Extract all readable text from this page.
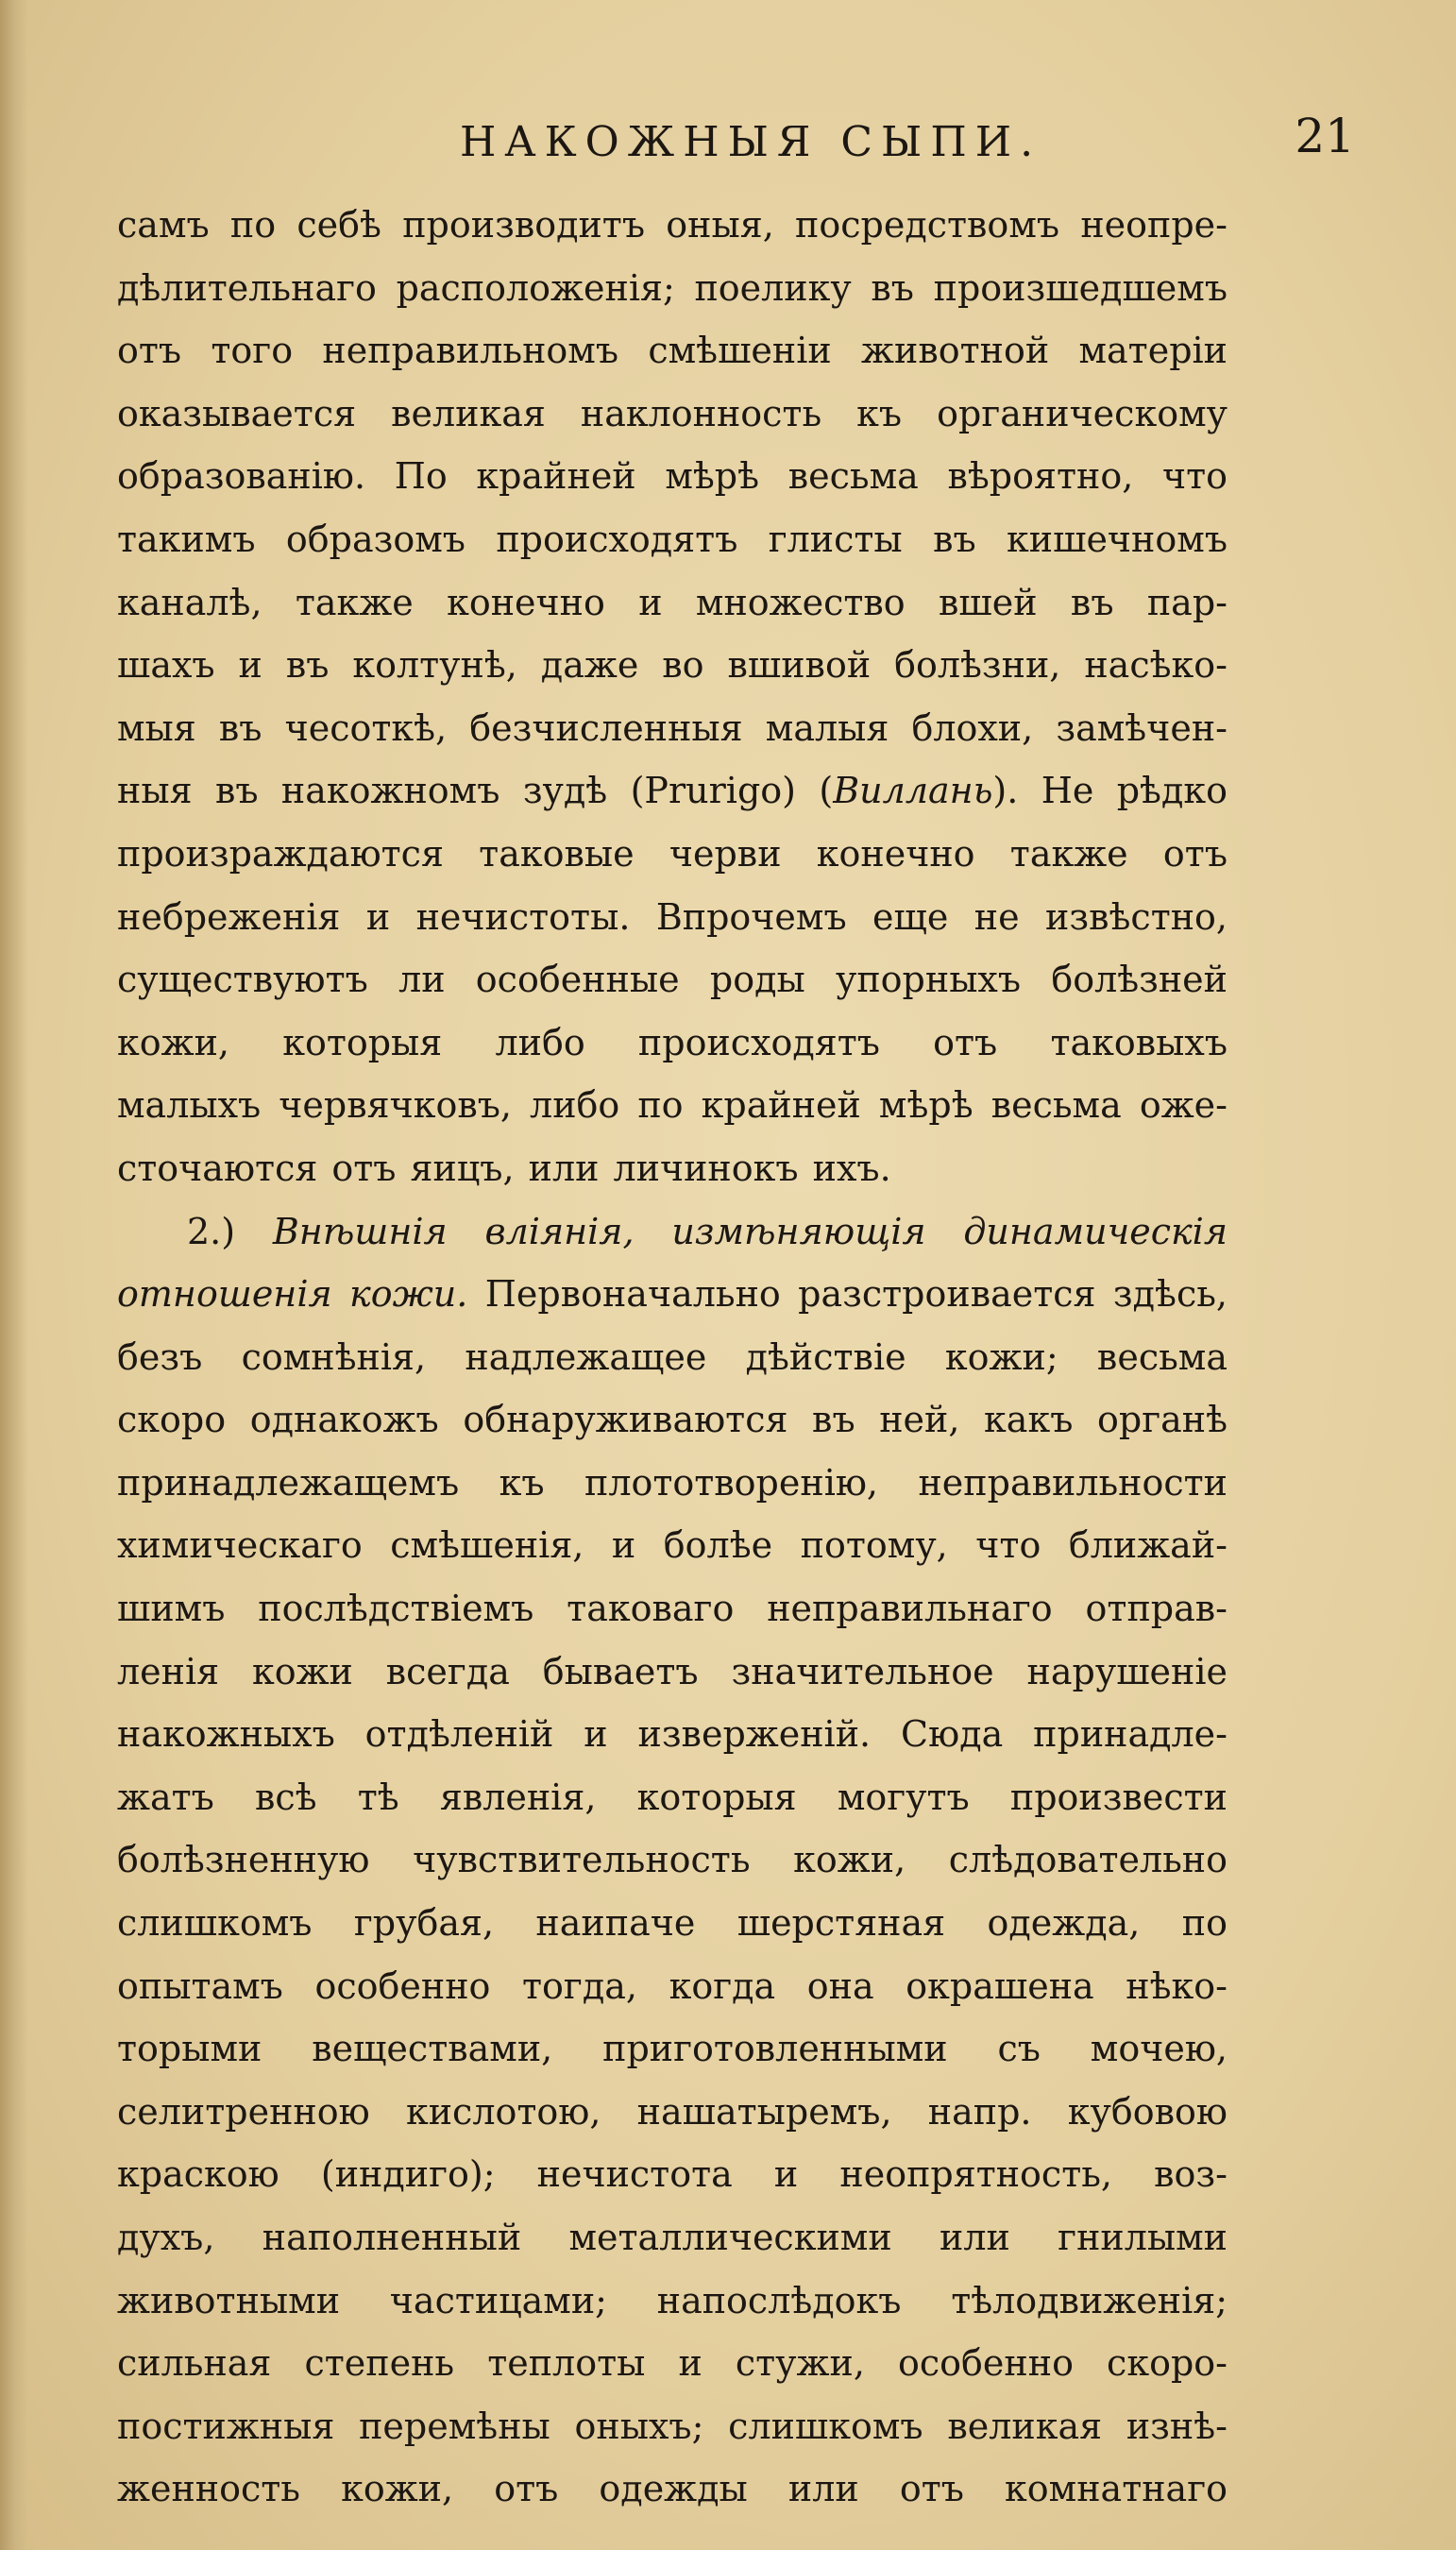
НАКОЖНЫЯ СЫПИ.	21
самъ по себѣ производитъ оныя, посредствомъ неопре-
дѣлительнаго расположенія; поелику въ произшедшемъ
отъ того неправильномъ смѣшеніи животной матеріи
оказывается великая наклонность къ органическому
образованію. По крайней мѣрѣ весьма вѣроятно, что
такимъ образомъ происходятъ глисты въ кишечномъ
каналѣ, также конечно и множество вшей въ пар-
шахъ и въ колтунѣ, даже во вшивой болѣзни, насѣко-
мыя въ чесоткѣ, безчисленныя малыя блохи, замѣчен-
ныя въ накожномъ зудѣ (Prurigo) (Виллань). Не рѣдко
произраждаются таковые черви конечно также отъ
небреженія и нечистоты. Впрочемъ еще не извѣстно,
существуютъ ли особенные роды упорныхъ болѣзней
кожи, которыя либо происходятъ отъ таковыхъ
малыхъ червячковъ, либо по крайней мѣрѣ весьма оже-
сточаются отъ яицъ, или личинокъ ихъ.
2.) Внѣшнія вліянія, измѣняющія динамическія
отношенія кожи. Первоначально разстроивается здѣсь,
безъ сомнѣнія, надлежащее дѣйствіе кожи; весьма
скоро однакожъ обнаруживаются въ ней, какъ органѣ
принадлежащемъ къ плототворенію, неправильности
химическаго смѣшенія, и болѣе потому, что ближай-
шимъ послѣдствіемъ таковаго неправильнаго отправ-
ленія кожи всегда бываетъ значительное нарушеніе
накожныхъ отдѣленій и изверженій. Сюда принадле-
жатъ всѣ тѣ явленія, которыя могутъ произвести
болѣзненную чувствительность кожи, слѣдовательно
слишкомъ грубая, наипаче шерстяная одежда, по
опытамъ особенно тогда, когда она окрашена нѣко-
торыми веществами, приготовленными съ мочею,
селитренною кислотою, нашатыремъ, напр. кубовою
краскою (индиго); нечистота и неопрятность, воз-
духъ, наполненный металлическими или гнилыми
животными частицами; напослѣдокъ тѣлодвиженія;
сильная степень теплоты и стужи, особенно скоро-
постижныя перемѣны оныхъ; слишкомъ великая изнѣ-
женность кожи, отъ одежды или отъ комнатнаго
